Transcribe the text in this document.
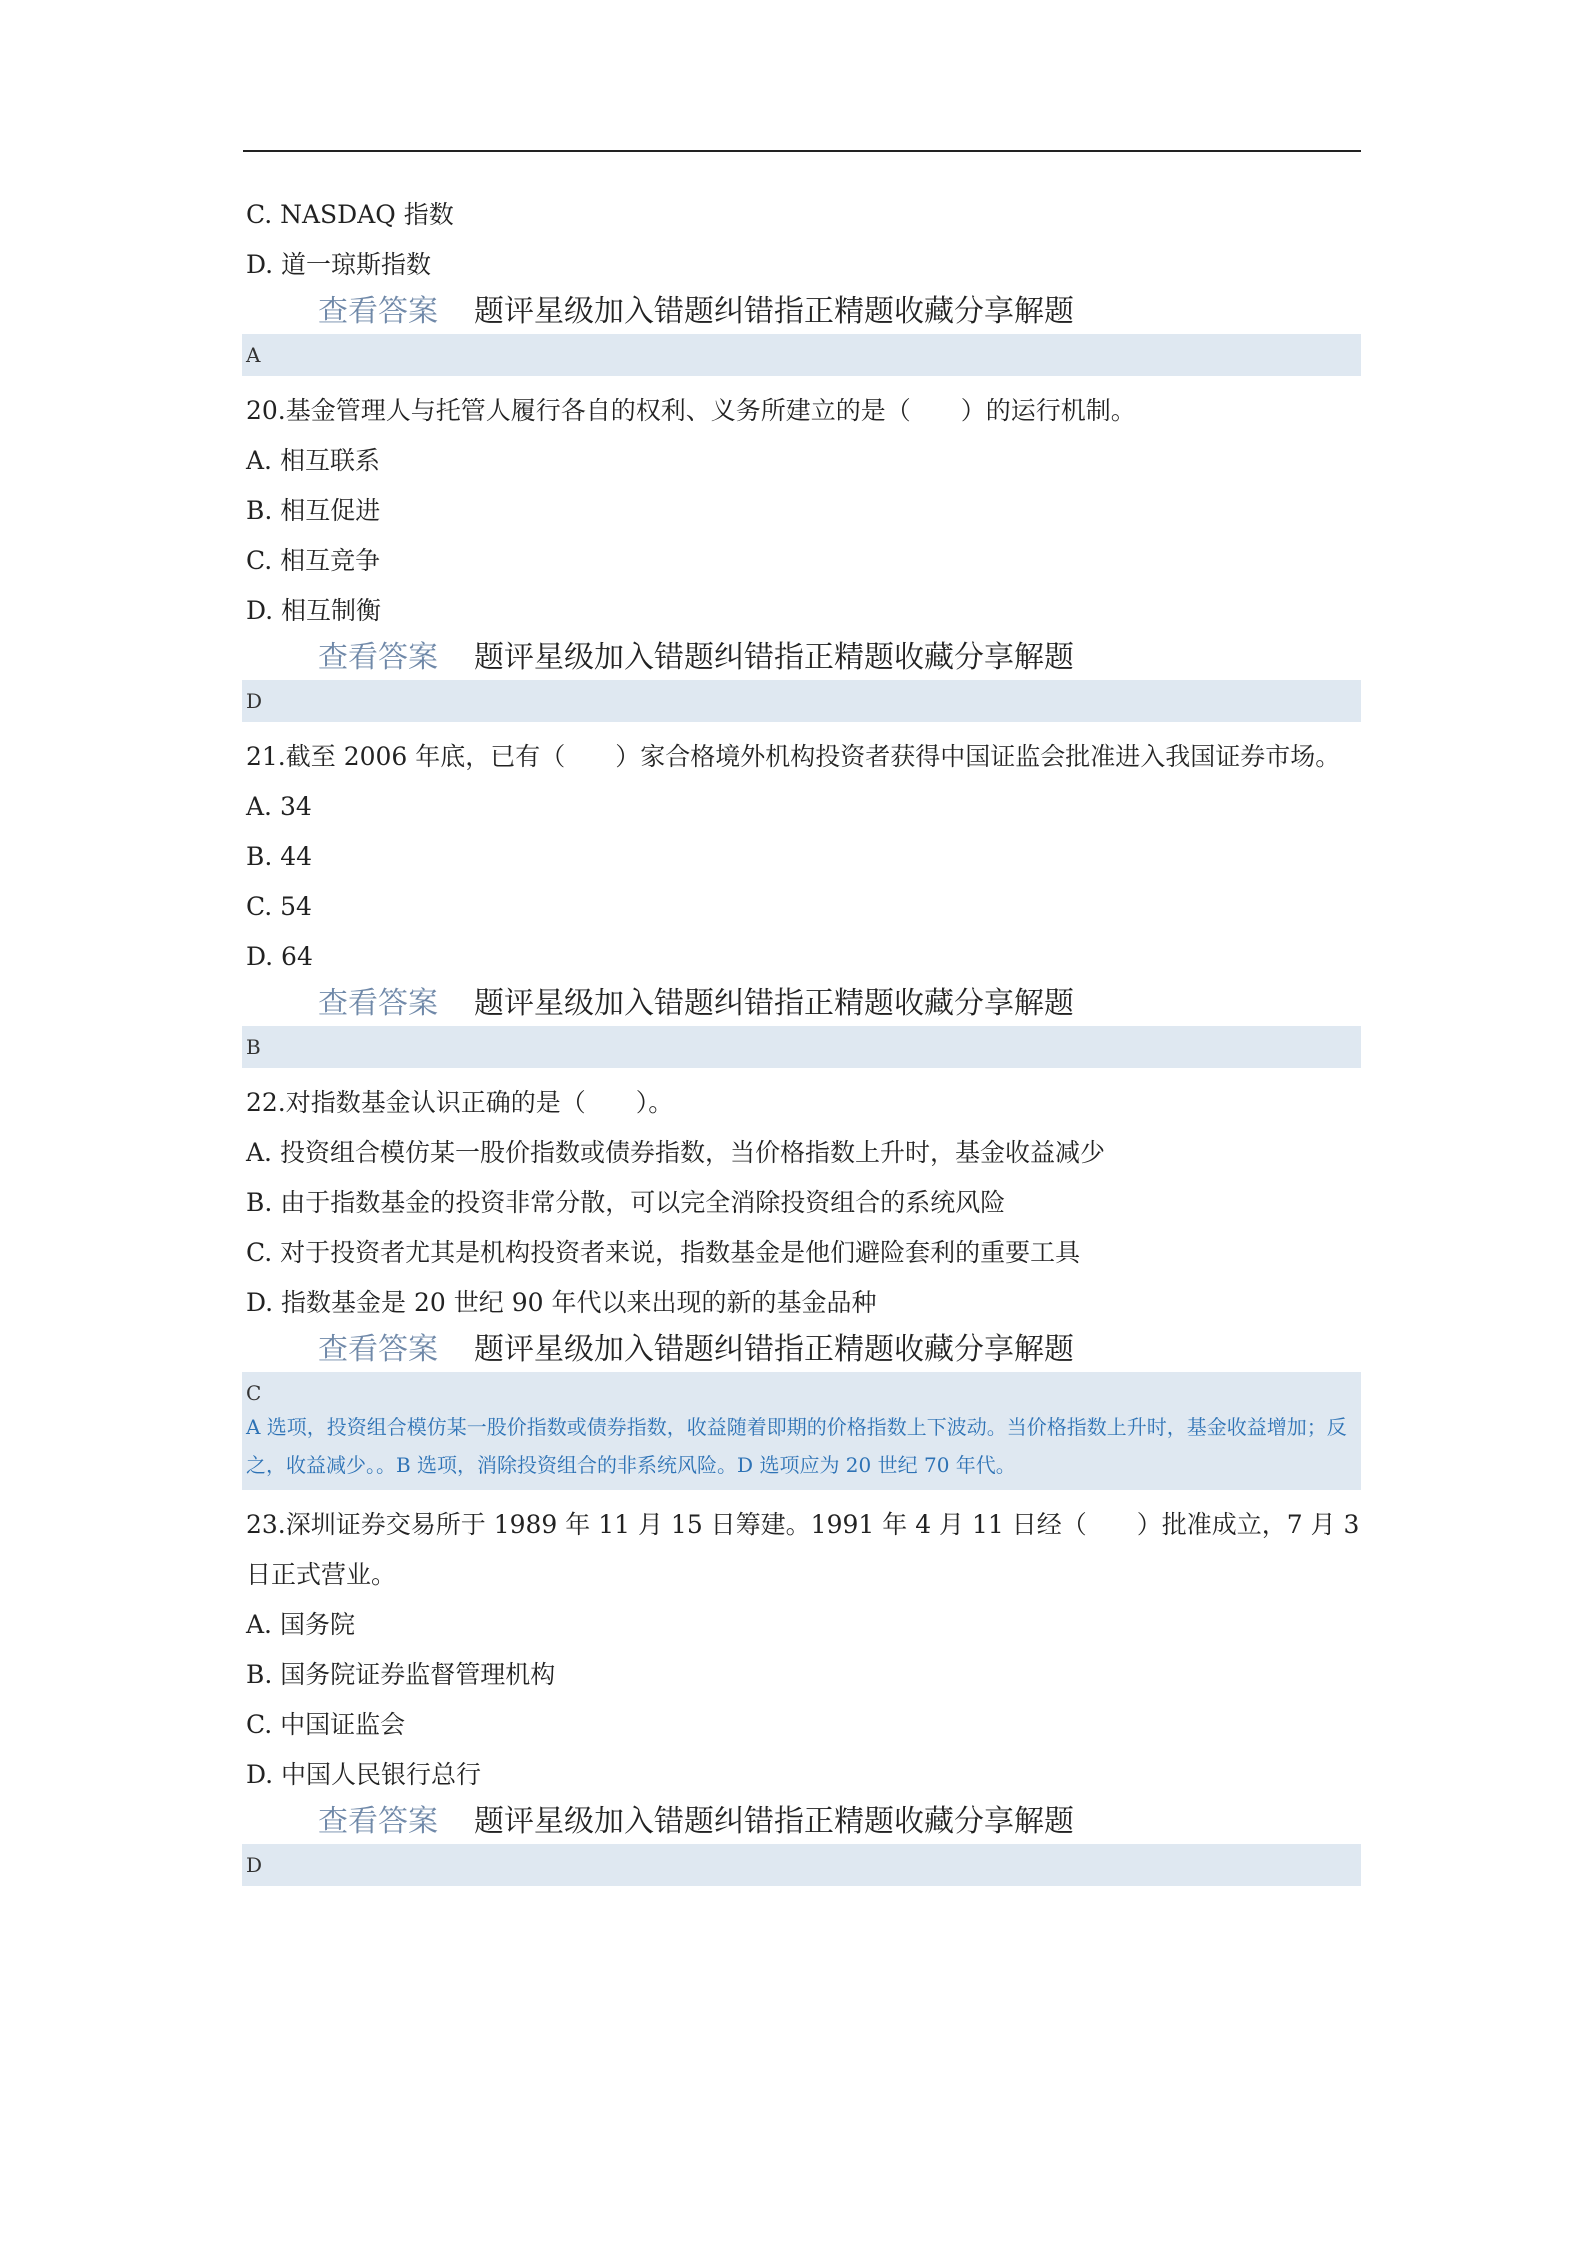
C. NASDAQ 指数
D. 道一琼斯指数
查看答案 题评星级加入错题纠错指正精题收藏分享解题
A
20.基金管理人与托管人履行各自的权利、义务所建立的是（　　）的运行机制。
A. 相互联系
B. 相互促进
C. 相互竞争
D. 相互制衡
查看答案 题评星级加入错题纠错指正精题收藏分享解题
D
21.截至 2006 年底，已有（　　）家合格境外机构投资者获得中国证监会批准进入我国证券市场。
A. 34
B. 44
C. 54
D. 64
查看答案 题评星级加入错题纠错指正精题收藏分享解题
B
22.对指数基金认识正确的是（　　）。
A. 投资组合模仿某一股价指数或债券指数，当价格指数上升时，基金收益减少
B. 由于指数基金的投资非常分散，可以完全消除投资组合的系统风险
C. 对于投资者尤其是机构投资者来说，指数基金是他们避险套利的重要工具
D. 指数基金是 20 世纪 90 年代以来出现的新的基金品种
查看答案 题评星级加入错题纠错指正精题收藏分享解题
C
A 选项，投资组合模仿某一股价指数或债券指数，收益随着即期的价格指数上下波动。当价格指数上升时，基金收益增加；反之，收益减少。。B 选项，消除投资组合的非系统风险。D 选项应为 20 世纪 70 年代。
23.深圳证券交易所于 1989 年 11 月 15 日筹建。1991 年 4 月 11 日经（　　）批准成立，7 月 3 日正式营业。
A. 国务院
B. 国务院证券监督管理机构
C. 中国证监会
D. 中国人民银行总行
查看答案 题评星级加入错题纠错指正精题收藏分享解题
D
